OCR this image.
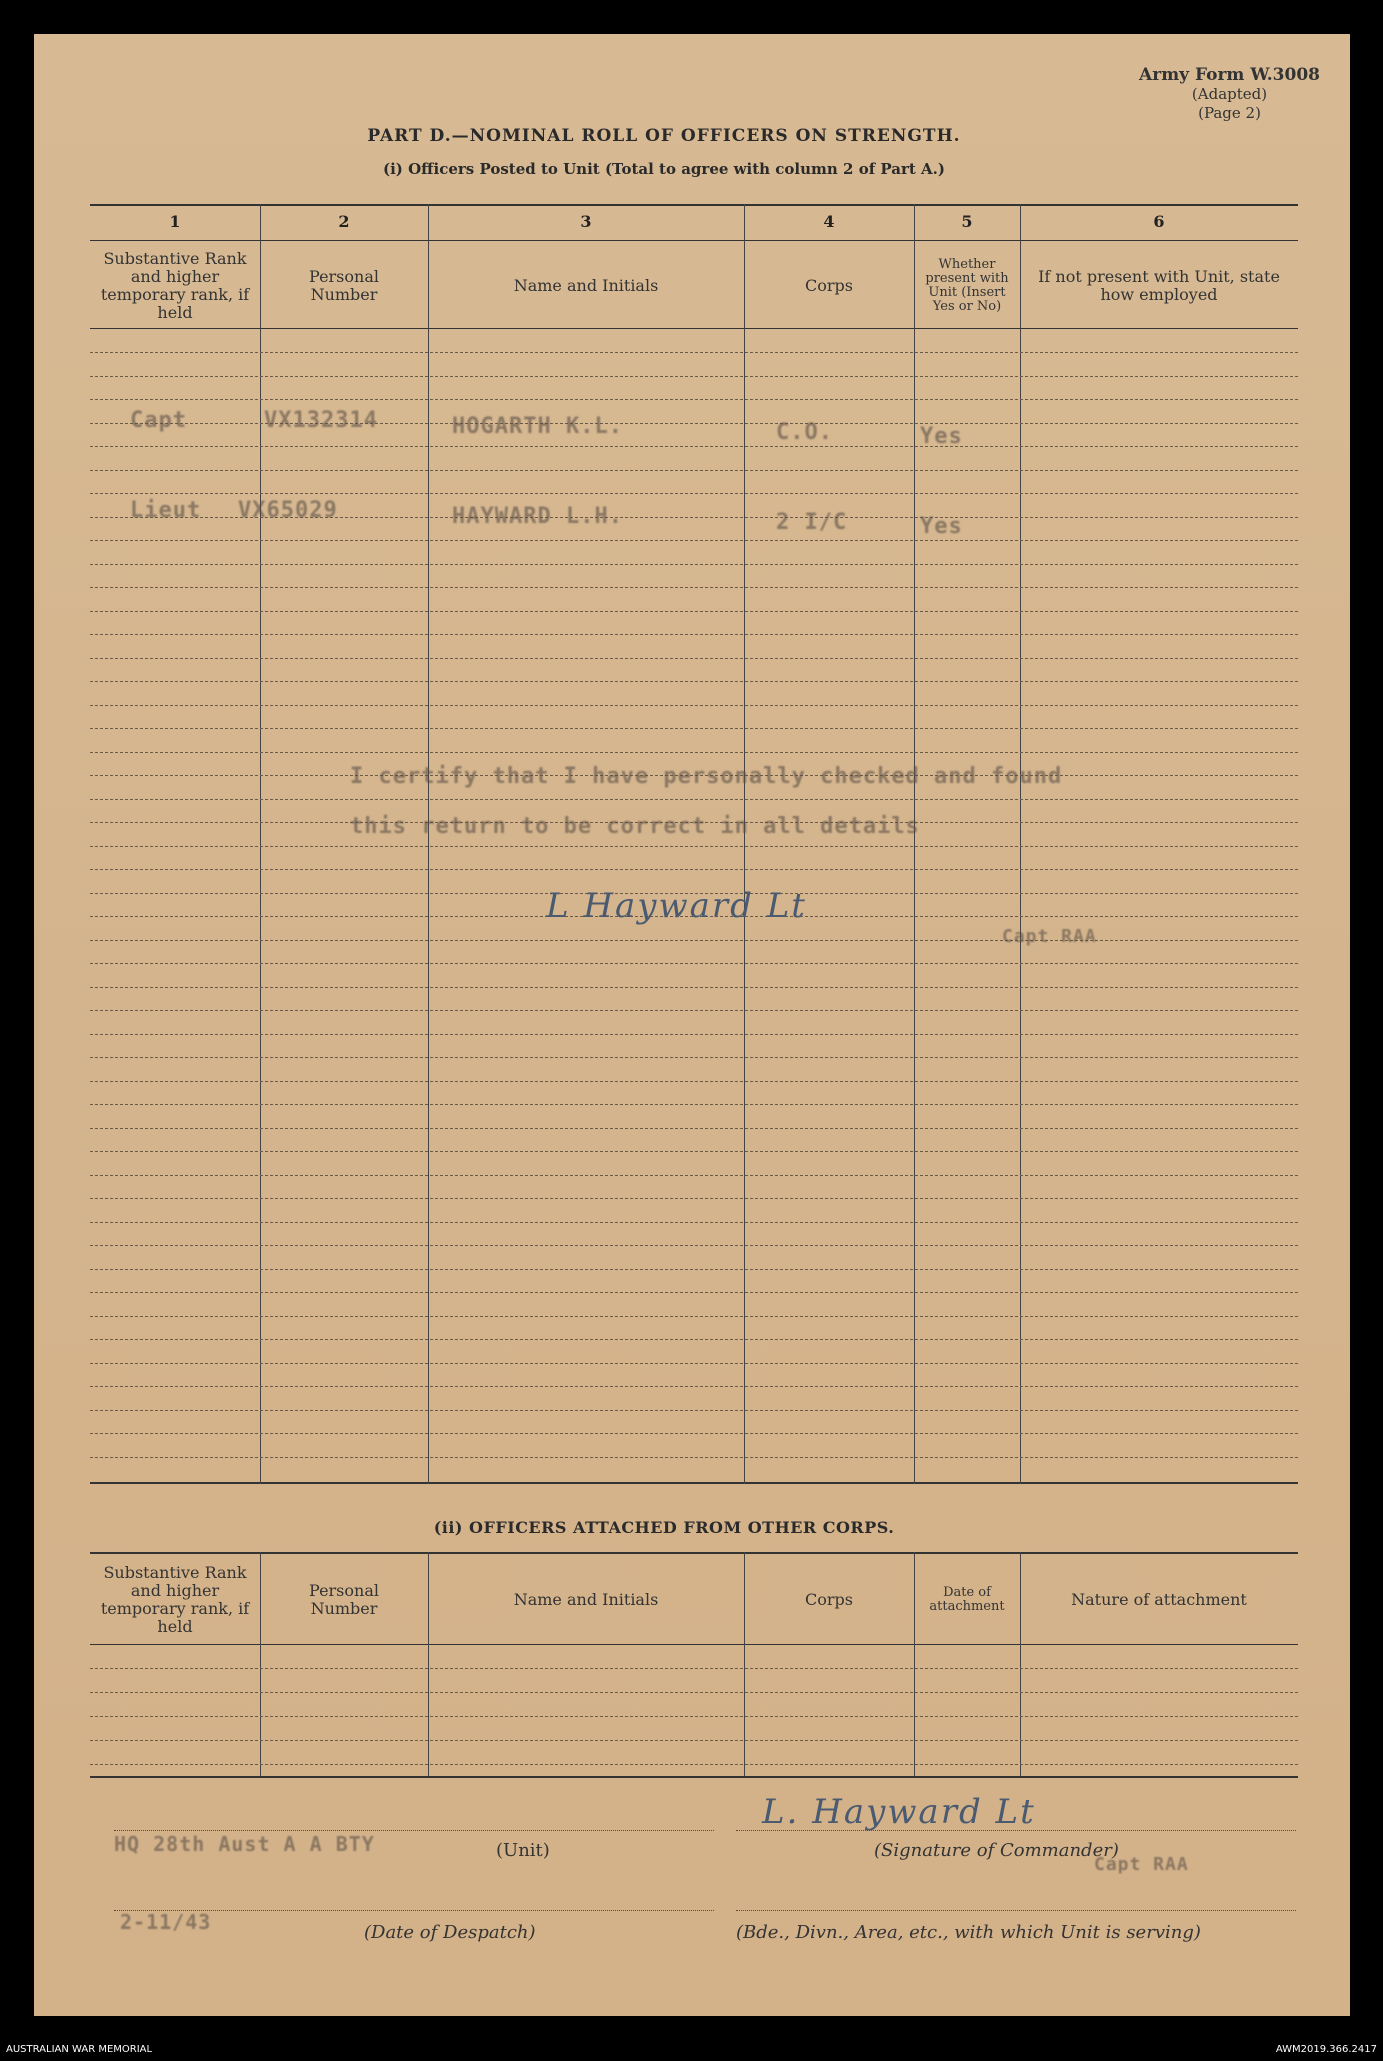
Army Form W.3008
(Adapted)
(Page 2)
PART D.—NOMINAL ROLL OF OFFICERS ON STRENGTH.
(i) Officers Posted to Unit (Total to agree with column 2 of Part A.)
1	2	3	4	5	6
Substantive Rank and higher temporary rank, if held
Personal Number	Name and Initials	Corps
Whether present with Unit (Insert Yes or No)
If not present with Unit, state how employed
Capt	VX132314	HOGARTH K.L.	C.O.	Yes
Lieut VX65029	HAYWARD L.H.	2 I/C	Yes
I certify that I have personally checked and found
this return to be correct in all details
L Hayward Lt
Capt RAA
(ii) OFFICERS ATTACHED FROM OTHER CORPS.
Substantive Rank and higher temporary rank, if held
Personal Number	Name and Initials	Corps	Date of attachment	Nature of attachment
HQ 28th Aust A A BTY	(Unit)
2-11/43	(Date of Despatch)
L. Hayward Lt
(Signature of Commander)
Capt RAA
(Bde., Divn., Area, etc., with which Unit is serving)
AUSTRALIAN WAR MEMORIAL	AWM2019.366.2417
